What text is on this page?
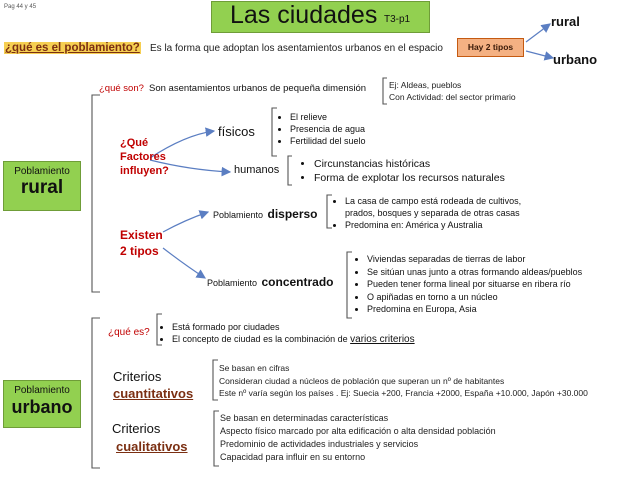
Pag 44 y 45	Las ciudades T3-p1
¿qué es el poblamiento? Es la forma que adoptan los asentamientos urbanos en el espacio	Hay 2 tipos
rural
urbano
Poblamiento
rural
¿qué son? Son asentamientos urbanos de pequeña dimensión	Ej: Aldeas, pueblos
Con Actividad: del sector primario
¿Qué
Factores
influyen?
físicos
• El relieve
• Presencia de agua
• Fertilidad del suelo
humanos	• Circunstancias históricas
• Forma de explotar los recursos naturales
Existen
2 tipos
Poblamiento disperso
• La casa de campo está rodeada de cultivos, prados, bosques y separada de otras casas
• Predomina en: América y Australia
Poblamiento concentrado
• Viviendas separadas de tierras de labor
• Se sitúan unas junto a otras formando aldeas/pueblos
• Pueden tener forma lineal por situarse en ribera río
• O apiñadas en torno a un núcleo
• Predomina en Europa, Asia
Poblamiento
urbano
¿qué es? • Está formado por ciudades
• El concepto de ciudad es la combinación de varios criterios
Criterios
cuantitativos
Se basan en cifras
Consideran ciudad a núcleos de población que superan un nº de habitantes
Este nº varía según los países . Ej: Suecia +200, Francia +2000, España +10.000, Japón +30.000
Criterios
cualitativos
Se basan en determinadas características
Aspecto físico marcado por alta edificación o alta densidad población
Predominio de actividades industriales y servicios
Capacidad para influir en su entorno
